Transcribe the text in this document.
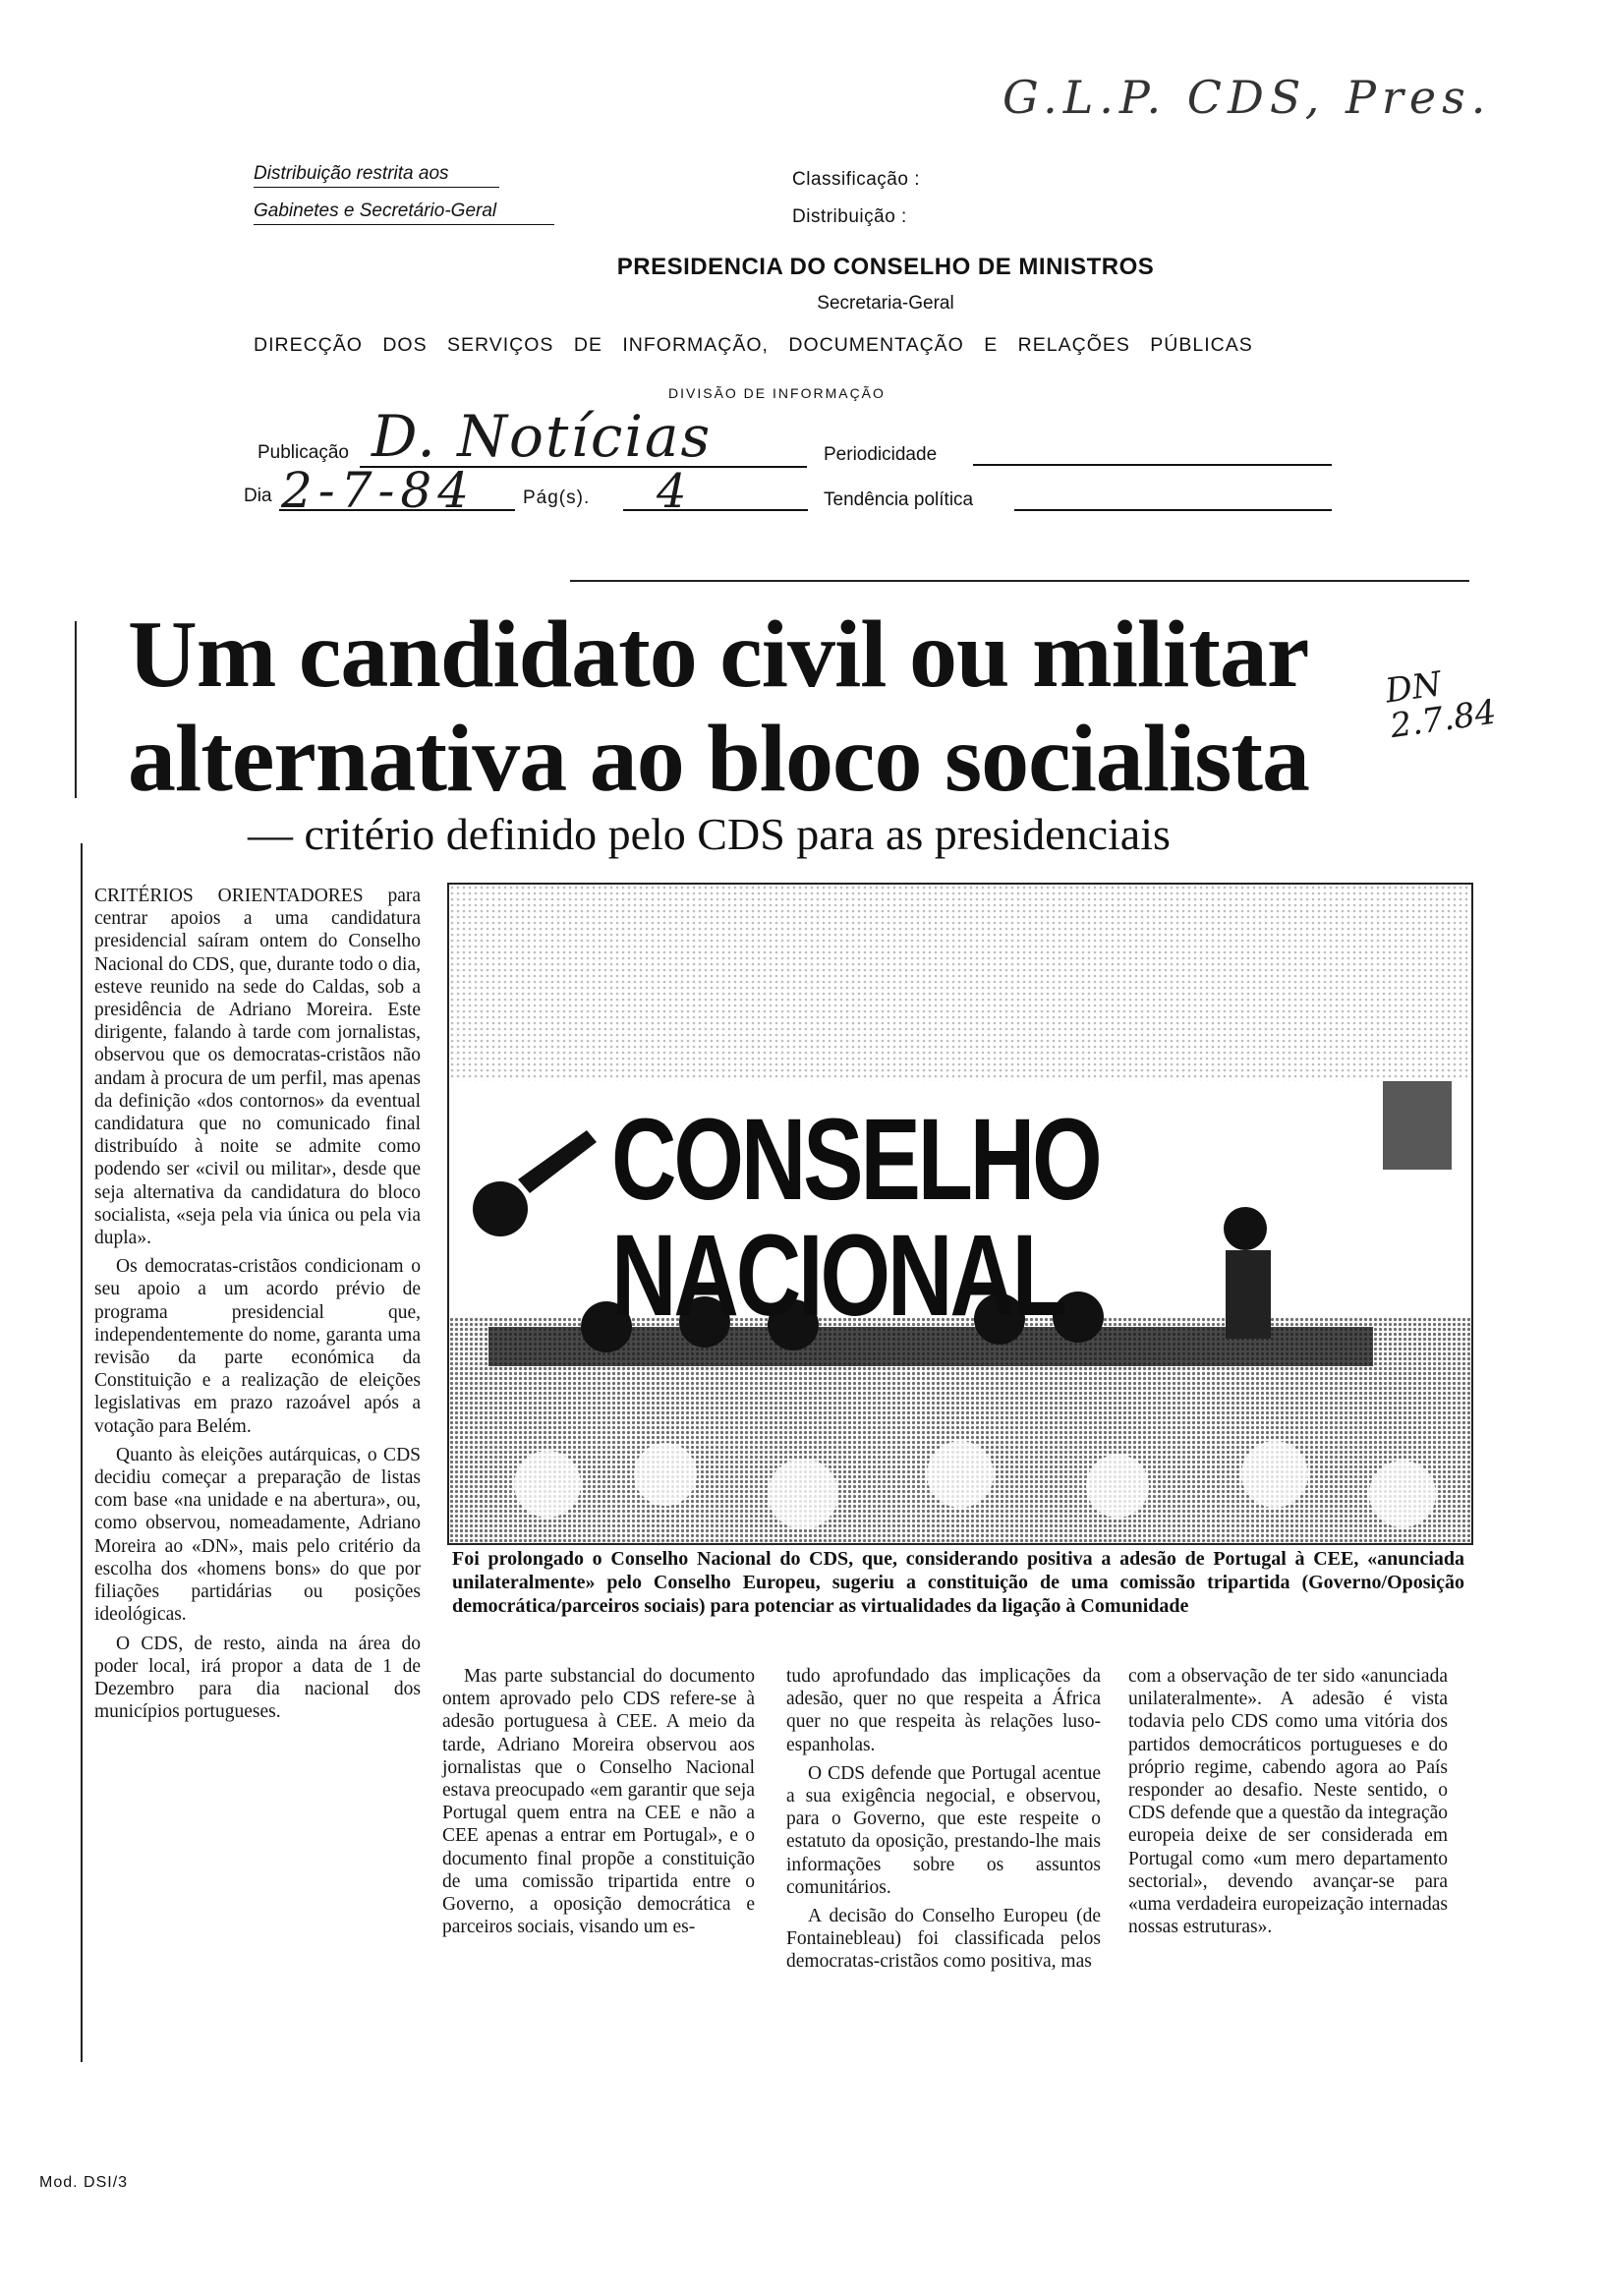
G.L.P. CDS, Pres.
Distribuição restrita aos
Gabinetes e Secretário-Geral
Classificação :
Distribuição :
PRESIDENCIA DO CONSELHO DE MINISTROS
Secretaria-Geral
DIRECÇÃO DOS SERVIÇOS DE INFORMAÇÃO, DOCUMENTAÇÃO E RELAÇÕES PÚBLICAS
DIVISÃO DE INFORMAÇÃO
Publicação D. Notícias	Periodicidade
Dia 2-7-84	Pág(s). 4	Tendência política
Um candidato civil ou militar
alternativa ao bloco socialista
DN 2.7.84
— critério definido pelo CDS para as presidenciais

CRITÉRIOS ORIENTADORES para centrar apoios a uma candidatura presidencial saíram ontem do Conselho Nacional do CDS, que, durante todo o dia, esteve reunido na sede do Caldas, sob a presidência de Adriano Moreira. Este dirigente, falando à tarde com jornalistas, observou que os democratas-cristãos não andam à procura de um perfil, mas apenas da definição «dos contornos» da eventual candidatura que no comunicado final distribuído à noite se admite como podendo ser «civil ou militar», desde que seja alternativa da candidatura do bloco socialista, «seja pela via única ou pela via dupla».

Os democratas-cristãos condicionam o seu apoio a um acordo prévio de programa presidencial que, independentemente do nome, garanta uma revisão da parte económica da Constituição e a realização de eleições legislativas em prazo razoável após a votação para Belém.

Quanto às eleições autárquicas, o CDS decidiu começar a preparação de listas com base «na unidade e na abertura», ou, como observou, nomeadamente, Adriano Moreira ao «DN», mais pelo critério da escolha dos «homens bons» do que por filiações partidárias ou posições ideológicas.

O CDS, de resto, ainda na área do poder local, irá propor a data de 1 de Dezembro para dia nacional dos municípios portugueses.

CONSELHO
NACIONAL
Foi prolongado o Conselho Nacional do CDS, que, considerando positiva a adesão de Portugal à CEE, «anunciada unilateralmente» pelo Conselho Europeu, sugeriu a constituição de uma comissão tripartida (Governo/Oposição democrática/parceiros sociais) para potenciar as virtualidades da ligação à Comunidade

Mas parte substancial do documento ontem aprovado pelo CDS refere-se à adesão portuguesa à CEE. A meio da tarde, Adriano Moreira observou aos jornalistas que o Conselho Nacional estava preocupado «em garantir que seja Portugal quem entra na CEE e não a CEE apenas a entrar em Portugal», e o documento final propõe a constituição de uma comissão tripartida entre o Governo, a oposição democrática e parceiros sociais, visando um es-

tudo aprofundado das implicações da adesão, quer no que respeita a África quer no que respeita às relações luso-espanholas.

O CDS defende que Portugal acentue a sua exigência negocial, e observou, para o Governo, que este respeite o estatuto da oposição, prestando-lhe mais informações sobre os assuntos comunitários.

A decisão do Conselho Europeu (de Fontainebleau) foi classificada pelos democratas-cristãos como positiva, mas

com a observação de ter sido «anunciada unilateralmente». A adesão é vista todavia pelo CDS como uma vitória dos partidos democráticos portugueses e do próprio regime, cabendo agora ao País responder ao desafio. Neste sentido, o CDS defende que a questão da integração europeia deixe de ser considerada em Portugal como «um mero departamento sectorial», devendo avançar-se para «uma verdadeira europeização internadas nossas estruturas».

Mod. DSI/3
